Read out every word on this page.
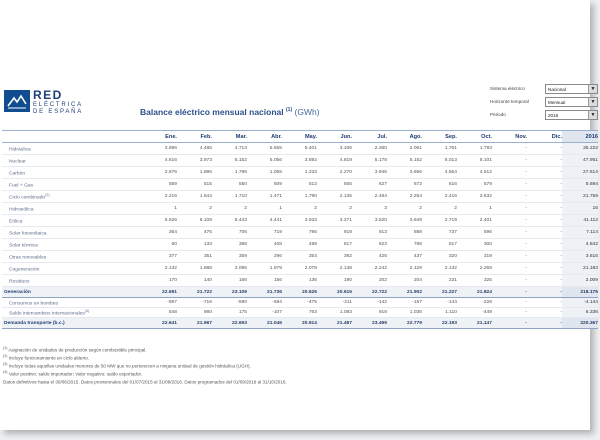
RED
ELÉCTRICA
DE ESPAÑA	Balance eléctrico mensual nacional $^{(1)}$ (GWh)
Sistema eléctrico	Nacional	▼
Horizonte temporal	Mensual	▼
Periodo	2016	▼
	Ene.	Feb.	Mar.	Abr.	May.	Jun.	Jul.	Ago.	Sep.	Oct.	Nov.	Dic.	2016
Hidráulica	3.896	4.486	4.714	5.655	5.401	3.106	2.360	2.051	1.761	1.793	-	-	35.222
Nuclear	4.616	3.973	5.152	5.056	3.892	4.819	5.178	5.152	5.013	5.101	-	-	47.951
Carbón	2.676	1.996	1.796	1.055	1.233	2.270	3.946	3.656	4.564	4.512	-	-	27.614
Fuel + Gas	559	515	550	509	512	555	627	672	616	579	-	-	5.694
Ciclo combinado$^{(2)}$	2.216	1.644	1.710	1.471	1.790	2.135	2.484	2.264	2.416	3.632	-	-	21.759
Hidroeólica	1	2	2	1	2	2	3	2	2	1	-	-	16
Eólica	5.626	6.109	5.443	4.441	3.933	3.271	3.520	3.649	2.719	2.401	-	-	41.112
Solar fotovoltaica	364	476	706	719	796	919	913	888	737	596	-	-	7.114
Solar térmica	60	133	388	408	499	817	823	798	617	300	-	-	4.842
Otras renovables	377	351	359	296	354	392	425	437	320	319	-	-	3.616
Cogeneración	2.132	1.988	2.095	1.979	2.078	2.138	2.242	2.129	2.132	2.269	-	-	21.183
Residuos	170	140	156	156	136	190	202	204	231	325	-	-	2.009
Generación	22.691	21.722	23.109	21.736	20.626	20.615	22.722	21.902	21.227	21.824	-	-	218.175
Consumos en bombeo	-897	-716	-590	-584	-475	-211	-142	-157	-144	-228	-	-	-4.144
Saldo intercambios internacionales$^{(4)}$	848	960	175	-107	763	1.083	918	1.035	1.110	-449	-	-	6.336
Demanda transporte (b.c.)	22.641	21.967	22.693	21.046	20.914	21.487	23.499	22.779	22.193	21.147	-	-	220.367
$^{(1)}$ Asignación de unidades de producción según combustible principal.
$^{(2)}$ Incluye funcionamiento en ciclo abierto.
$^{(3)}$ Incluye todas aquellas unidades menores de 50 MW que no pertenecen a ninguna unidad de gestión hidráulica (UGH).
$^{(4)}$ Valor positivo: saldo importador; Valor negativo: saldo exportador.
Datos definitivos hasta el 30/06/2015. Datos provisionales del 01/07/2015 al 31/08/2016. Datos programados del 01/09/2016 al 31/10/2016.
